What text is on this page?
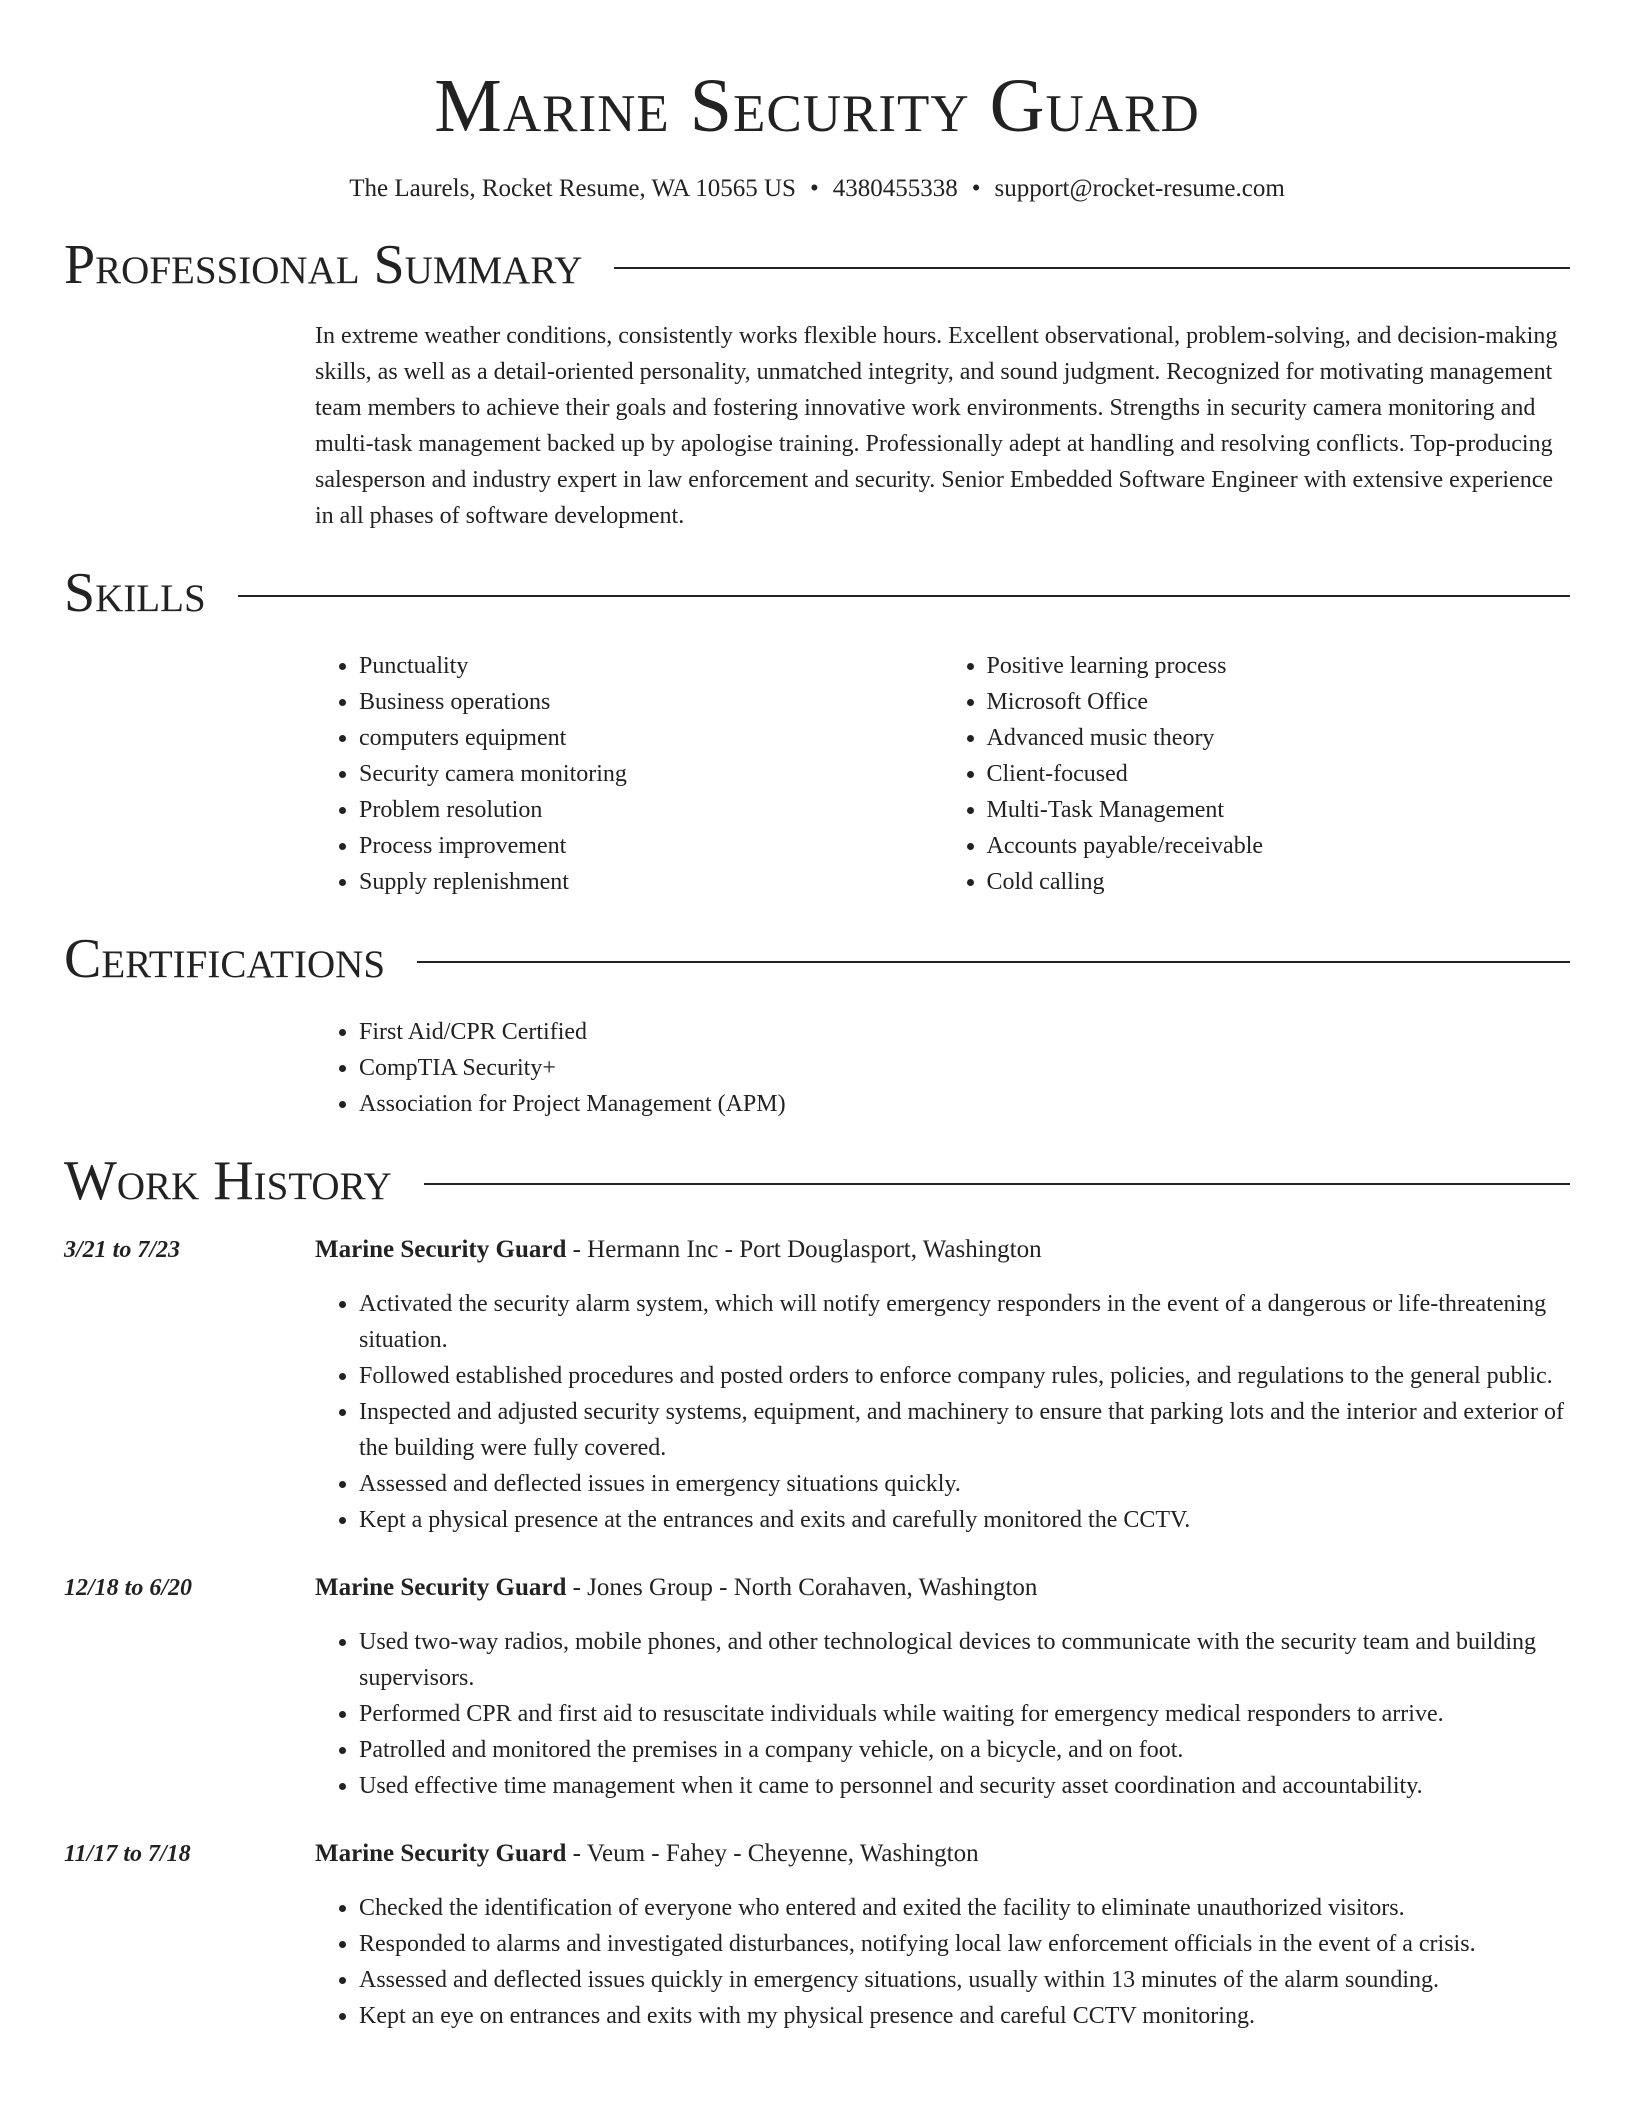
Marine Security Guard
The Laurels, Rocket Resume, WA 10565 US • 4380455338 • support@rocket-resume.com
Professional Summary
In extreme weather conditions, consistently works flexible hours. Excellent observational, problem-solving, and decision-making skills, as well as a detail-oriented personality, unmatched integrity, and sound judgment. Recognized for motivating management team members to achieve their goals and fostering innovative work environments. Strengths in security camera monitoring and multi-task management backed up by apologise training. Professionally adept at handling and resolving conflicts. Top-producing salesperson and industry expert in law enforcement and security. Senior Embedded Software Engineer with extensive experience in all phases of software development.
Skills
• Punctuality
• Business operations
• computers equipment
• Security camera monitoring
• Problem resolution
• Process improvement
• Supply replenishment
• Positive learning process
• Microsoft Office
• Advanced music theory
• Client-focused
• Multi-Task Management
• Accounts payable/receivable
• Cold calling
Certifications
• First Aid/CPR Certified
• CompTIA Security+
• Association for Project Management (APM)
Work History
3/21 to 7/23	Marine Security Guard - Hermann Inc - Port Douglasport, Washington
• Activated the security alarm system, which will notify emergency responders in the event of a dangerous or life-threatening situation.
• Followed established procedures and posted orders to enforce company rules, policies, and regulations to the general public.
• Inspected and adjusted security systems, equipment, and machinery to ensure that parking lots and the interior and exterior of the building were fully covered.
• Assessed and deflected issues in emergency situations quickly.
• Kept a physical presence at the entrances and exits and carefully monitored the CCTV.
12/18 to 6/20	Marine Security Guard - Jones Group - North Corahaven, Washington
• Used two-way radios, mobile phones, and other technological devices to communicate with the security team and building supervisors.
• Performed CPR and first aid to resuscitate individuals while waiting for emergency medical responders to arrive.
• Patrolled and monitored the premises in a company vehicle, on a bicycle, and on foot.
• Used effective time management when it came to personnel and security asset coordination and accountability.
11/17 to 7/18	Marine Security Guard - Veum - Fahey - Cheyenne, Washington
• Checked the identification of everyone who entered and exited the facility to eliminate unauthorized visitors.
• Responded to alarms and investigated disturbances, notifying local law enforcement officials in the event of a crisis.
• Assessed and deflected issues quickly in emergency situations, usually within 13 minutes of the alarm sounding.
• Kept an eye on entrances and exits with my physical presence and careful CCTV monitoring.
